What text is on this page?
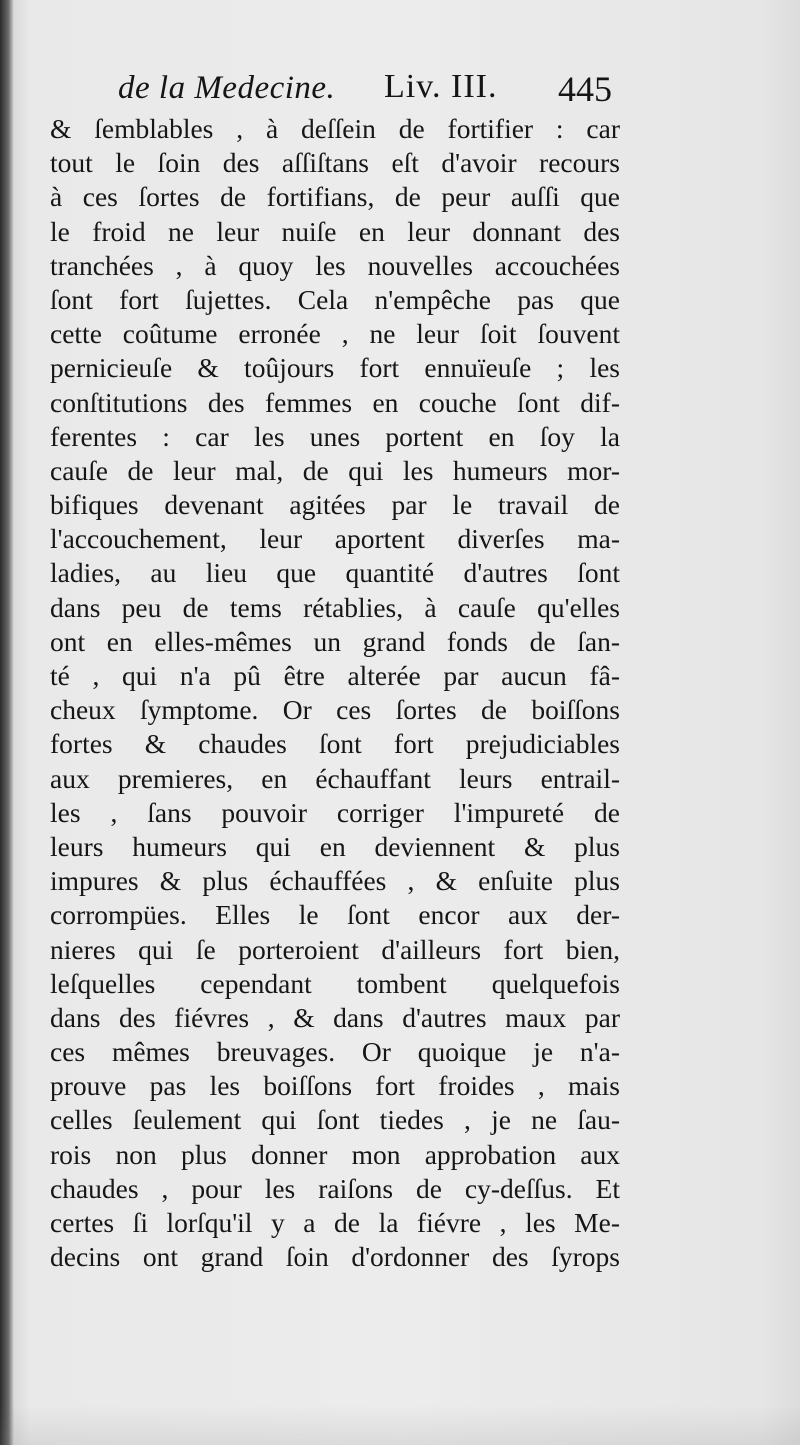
de la Medecine. Liv. III. 445
& ſemblables , à deſſein de fortifier : car
tout le ſoin des aſſiſtans eſt d'avoir recours
à ces ſortes de fortifians, de peur auſſi que
le froid ne leur nuiſe en leur donnant des
tranchées , à quoy les nouvelles accouchées
ſont fort ſujettes. Cela n'empêche pas que
cette coûtume erronée , ne leur ſoit ſouvent
pernicieuſe & toûjours fort ennuïeuſe ; les
conſtitutions des femmes en couche ſont dif-
ferentes : car les unes portent en ſoy la
cauſe de leur mal, de qui les humeurs mor-
bifiques devenant agitées par le travail de
l'accouchement, leur aportent diverſes ma-
ladies, au lieu que quantité d'autres ſont
dans peu de tems rétablies, à cauſe qu'elles
ont en elles-mêmes un grand fonds de ſan-
té , qui n'a pû être alterée par aucun fâ-
cheux ſymptome. Or ces ſortes de boiſſons
fortes & chaudes ſont fort prejudiciables
aux premieres, en échauffant leurs entrail-
les , ſans pouvoir corriger l'impureté de
leurs humeurs qui en deviennent & plus
impures & plus échauffées , & enſuite plus
corrompües. Elles le ſont encor aux der-
nieres qui ſe porteroient d'ailleurs fort bien,
leſquelles cependant tombent quelquefois
dans des fiévres , & dans d'autres maux par
ces mêmes breuvages. Or quoique je n'a-
prouve pas les boiſſons fort froides , mais
celles ſeulement qui ſont tiedes , je ne ſau-
rois non plus donner mon approbation aux
chaudes , pour les raiſons de cy-deſſus. Et
certes ſi lorſqu'il y a de la fiévre , les Me-
decins ont grand ſoin d'ordonner des ſyrops
